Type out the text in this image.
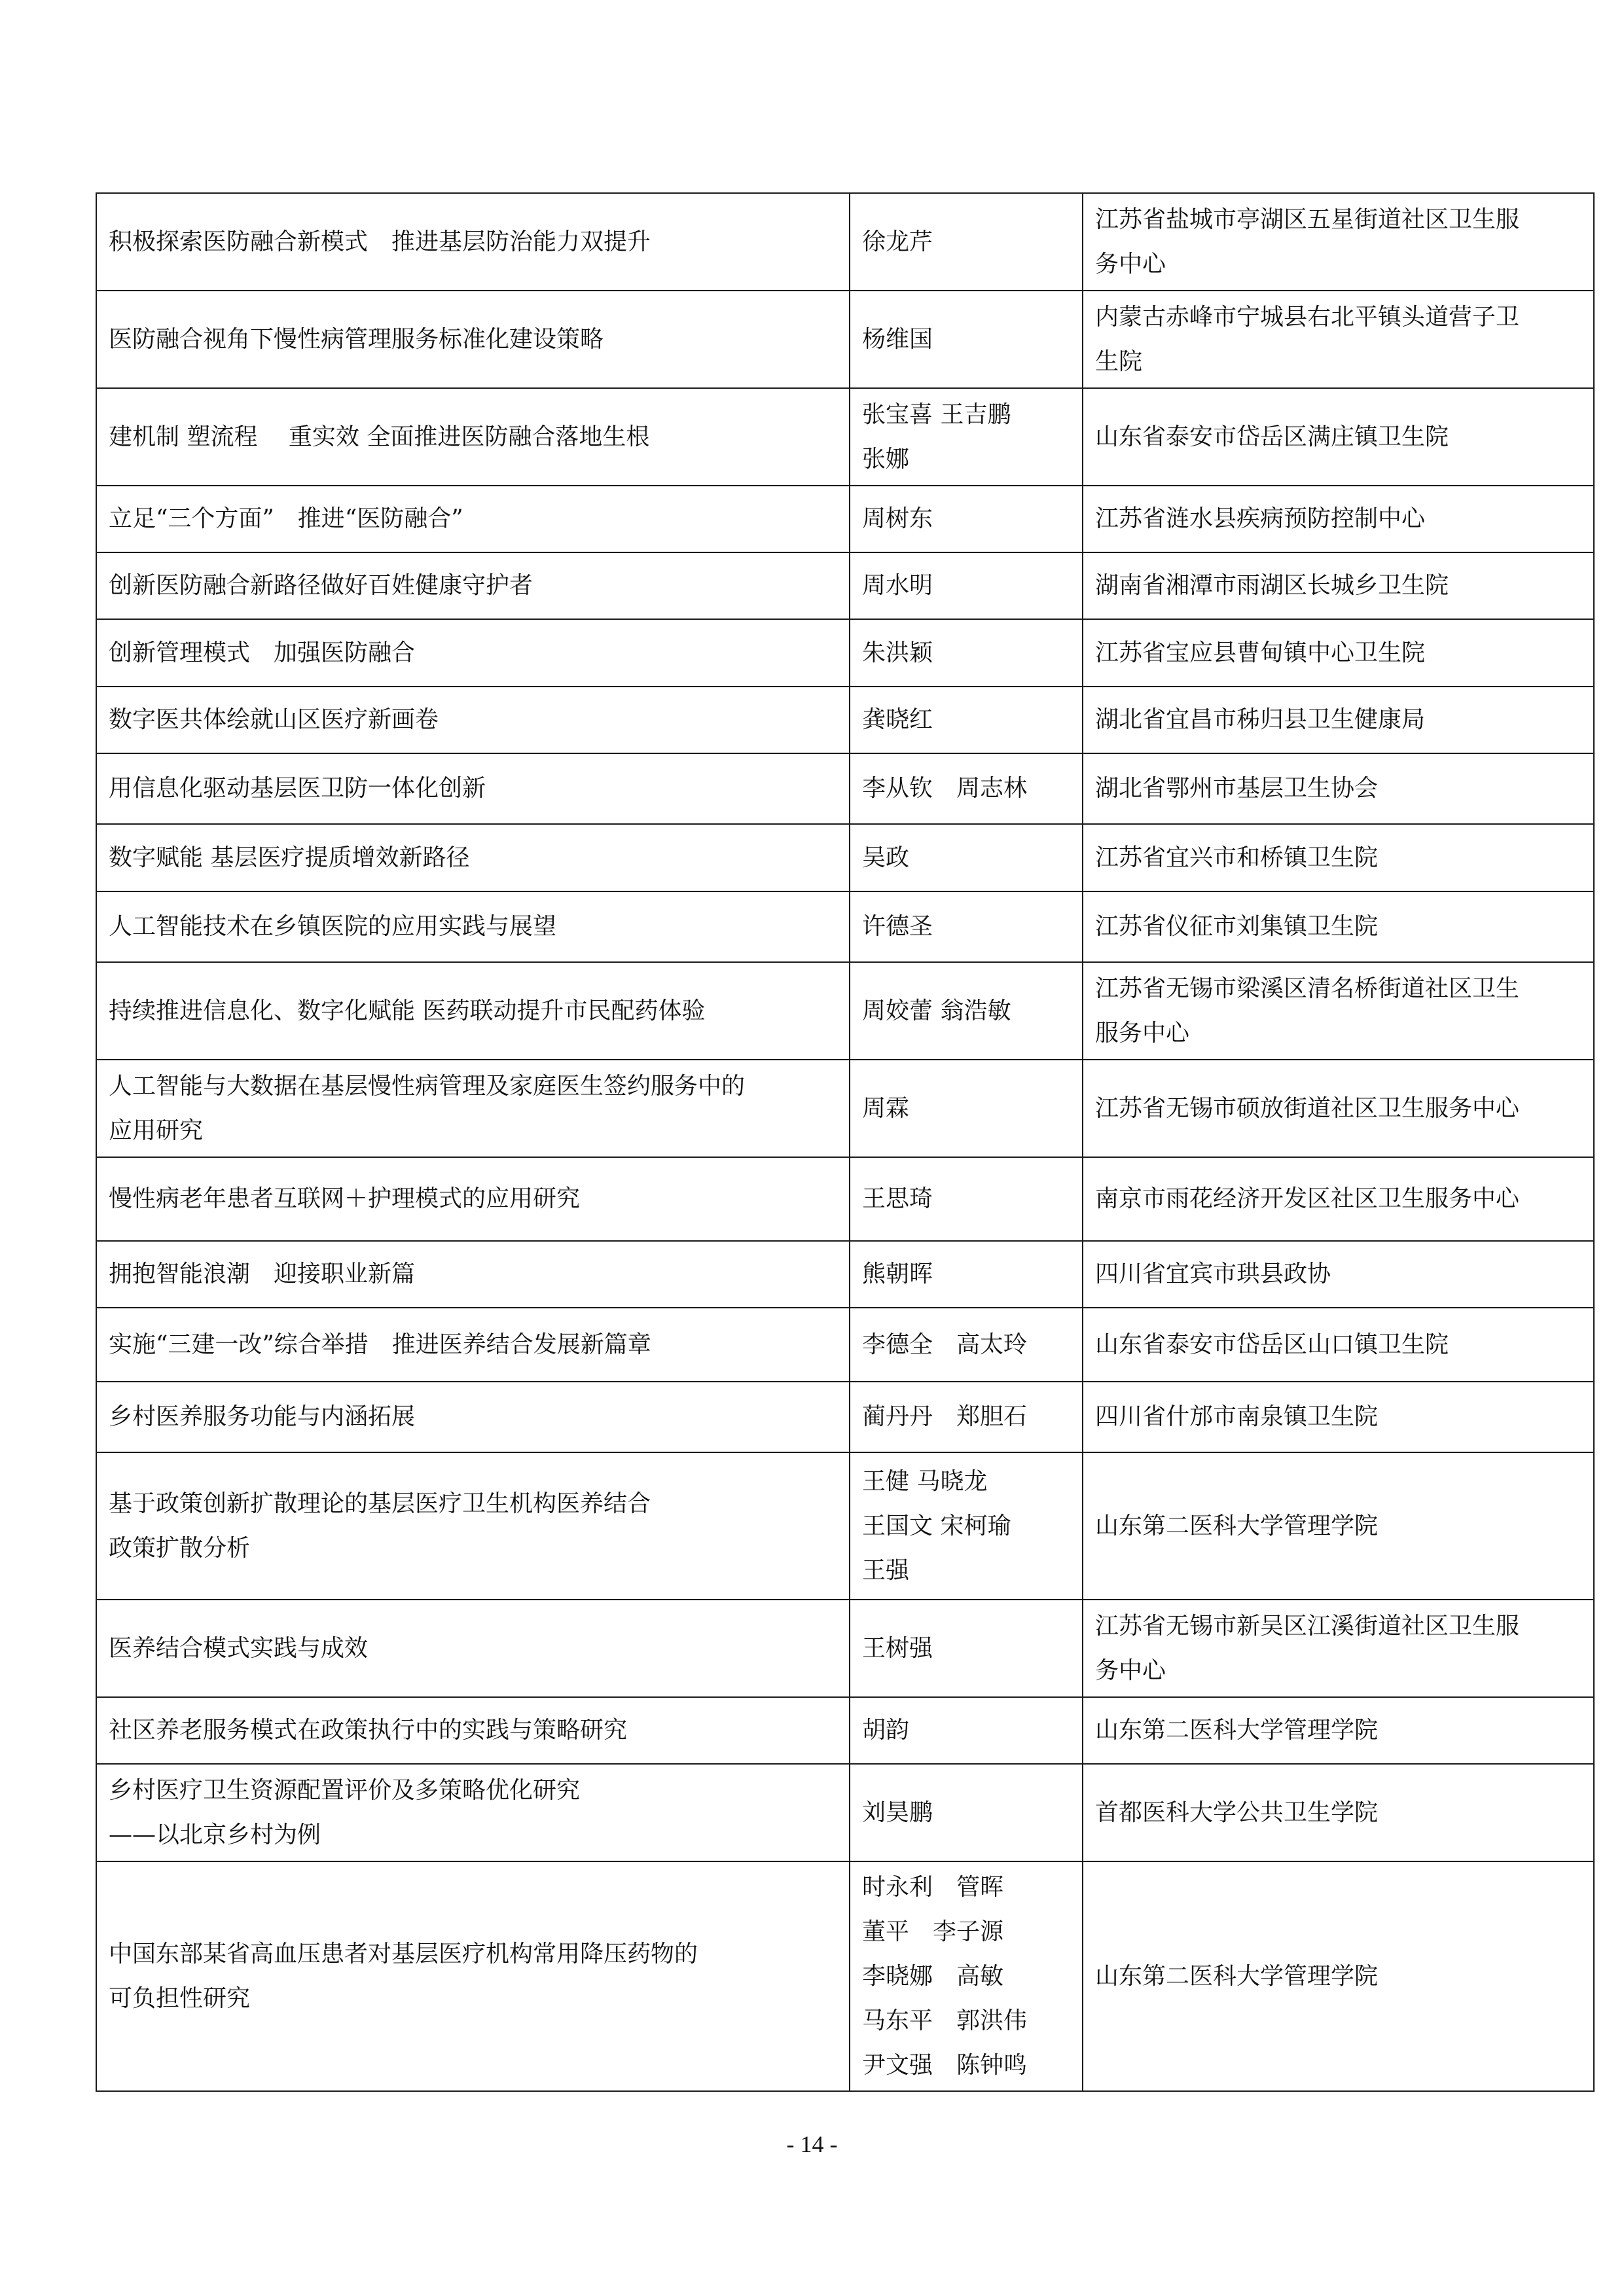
积极探索医防融合新模式　推进基层防治能力双提升	徐龙芹	江苏省盐城市亭湖区五星街道社区卫生服
务中心

医防融合视角下慢性病管理服务标准化建设策略	杨维国	内蒙古赤峰市宁城县右北平镇头道营子卫
生院

建机制 塑流程　 重实效 全面推进医防融合落地生根	张宝喜 王吉鹏
张娜	山东省泰安市岱岳区满庄镇卫生院

立足“三个方面”　推进“医防融合”	周树东	江苏省涟水县疾病预防控制中心

创新医防融合新路径做好百姓健康守护者	周水明	湖南省湘潭市雨湖区长城乡卫生院

创新管理模式　加强医防融合	朱洪颖	江苏省宝应县曹甸镇中心卫生院

数字医共体绘就山区医疗新画卷	龚晓红	湖北省宜昌市秭归县卫生健康局

用信息化驱动基层医卫防一体化创新	李从钦　周志林	湖北省鄂州市基层卫生协会

数字赋能 基层医疗提质增效新路径	吴政	江苏省宜兴市和桥镇卫生院

人工智能技术在乡镇医院的应用实践与展望	许德圣	江苏省仪征市刘集镇卫生院

持续推进信息化、数字化赋能 医药联动提升市民配药体验	周姣蕾 翁浩敏	江苏省无锡市梁溪区清名桥街道社区卫生
服务中心

人工智能与大数据在基层慢性病管理及家庭医生签约服务中的
应用研究	周霖	江苏省无锡市硕放街道社区卫生服务中心

慢性病老年患者互联网＋护理模式的应用研究	王思琦	南京市雨花经济开发区社区卫生服务中心

拥抱智能浪潮　迎接职业新篇	熊朝晖	四川省宜宾市珙县政协

实施“三建一改”综合举措　推进医养结合发展新篇章	李德全　高太玲	山东省泰安市岱岳区山口镇卫生院

乡村医养服务功能与内涵拓展	蔺丹丹　郑胆石	四川省什邡市南泉镇卫生院

基于政策创新扩散理论的基层医疗卫生机构医养结合
政策扩散分析	王健 马晓龙
王国文 宋柯瑜
王强	山东第二医科大学管理学院

医养结合模式实践与成效	王树强	江苏省无锡市新吴区江溪街道社区卫生服
务中心

社区养老服务模式在政策执行中的实践与策略研究	胡韵	山东第二医科大学管理学院

乡村医疗卫生资源配置评价及多策略优化研究
——以北京乡村为例	刘昊鹏	首都医科大学公共卫生学院

中国东部某省高血压患者对基层医疗机构常用降压药物的
可负担性研究	时永利　管晖
董平　李子源
李晓娜　高敏
马东平　郭洪伟
尹文强　陈钟鸣	山东第二医科大学管理学院
- 14 -
